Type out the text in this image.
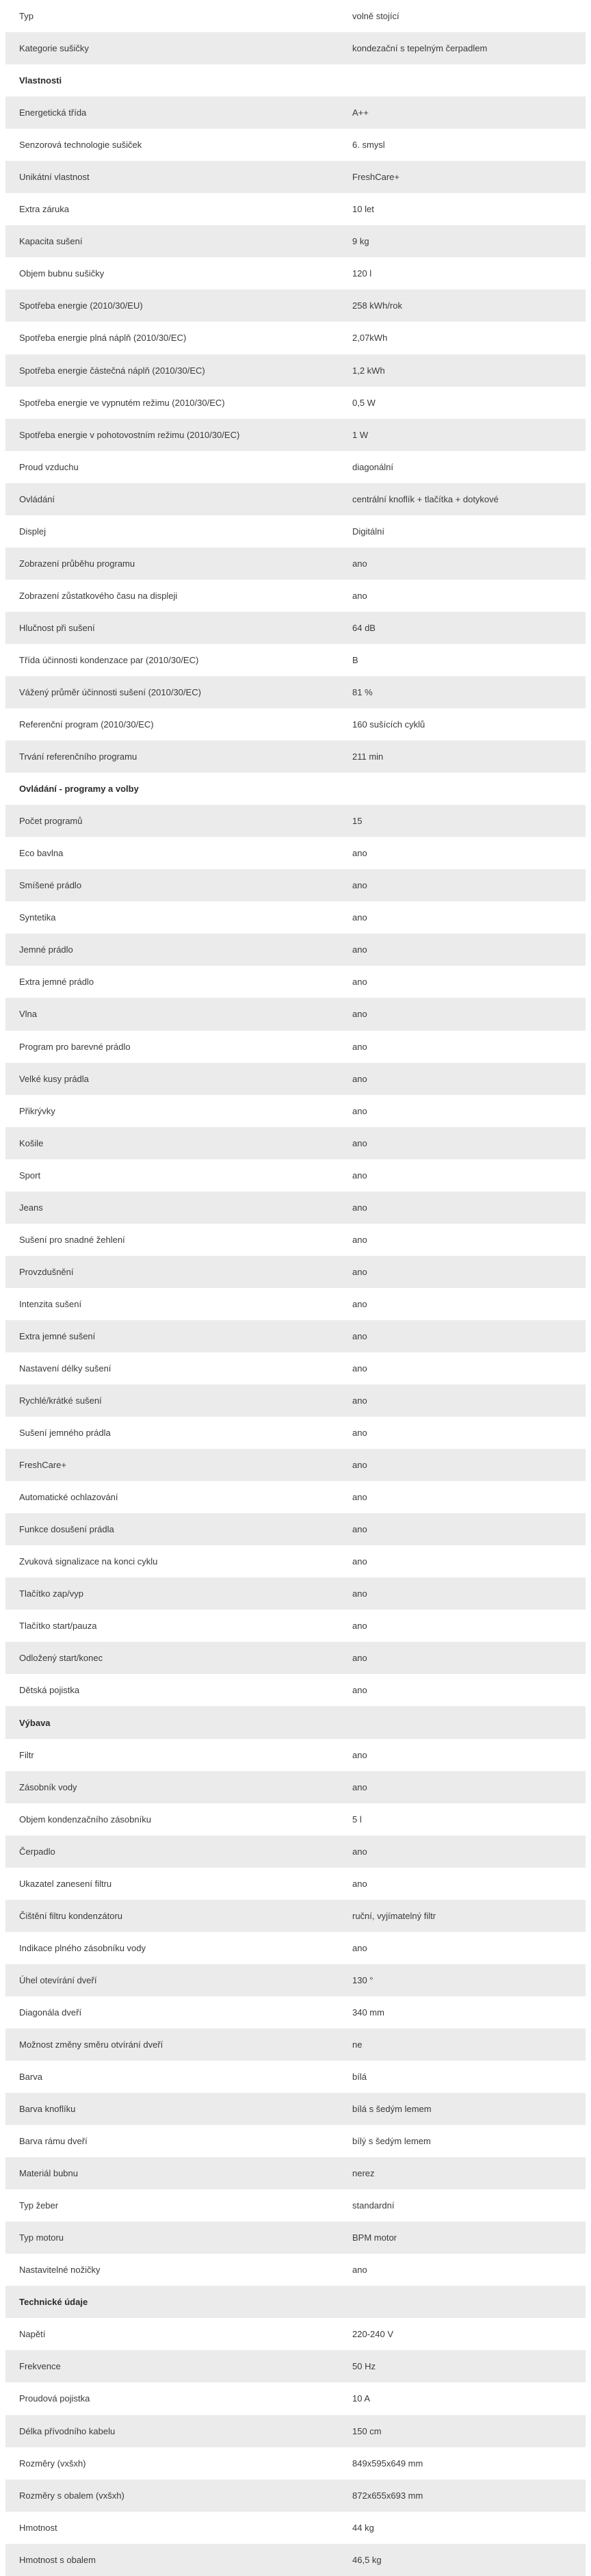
Typ	volně stojící
Kategorie sušičky	kondezační s tepelným čerpadlem
Vlastnosti
Energetická třída	A++
Senzorová technologie sušiček	6. smysl
Unikátní vlastnost	FreshCare+
Extra záruka	10 let
Kapacita sušení	9 kg
Objem bubnu sušičky	120 l
Spotřeba energie (2010/30/EU)	258 kWh/rok
Spotřeba energie plná náplň (2010/30/EC)	2,07kWh
Spotřeba energie částečná náplň (2010/30/EC)	1,2 kWh
Spotřeba energie ve vypnutém režimu (2010/30/EC)	0,5 W
Spotřeba energie v pohotovostním režimu (2010/30/EC)	1 W
Proud vzduchu	diagonální
Ovládání	centrální knoflík + tlačítka + dotykové
Displej	Digitální
Zobrazení průběhu programu	ano
Zobrazení zůstatkového času na displeji	ano
Hlučnost při sušení	64 dB
Třída účinnosti kondenzace par (2010/30/EC)	B
Vážený průměr účinnosti sušení (2010/30/EC)	81 %
Referenční program (2010/30/EC)	160 sušících cyklů
Trvání referenčního programu	211 min
Ovládání - programy a volby
Počet programů	15
Eco bavlna	ano
Smíšené prádlo	ano
Syntetika	ano
Jemné prádlo	ano
Extra jemné prádlo	ano
Vlna	ano
Program pro barevné prádlo	ano
Velké kusy prádla	ano
Přikrývky	ano
Košile	ano
Sport	ano
Jeans	ano
Sušení pro snadné žehlení	ano
Provzdušnění	ano
Intenzita sušení	ano
Extra jemné sušení	ano
Nastavení délky sušení	ano
Rychlé/krátké sušení	ano
Sušení jemného prádla	ano
FreshCare+	ano
Automatické ochlazování	ano
Funkce dosušení prádla	ano
Zvuková signalizace na konci cyklu	ano
Tlačítko zap/vyp	ano
Tlačítko start/pauza	ano
Odložený start/konec	ano
Dětská pojistka	ano
Výbava
Filtr	ano
Zásobník vody	ano
Objem kondenzačního zásobníku	5 l
Čerpadlo	ano
Ukazatel zanesení filtru	ano
Čištění filtru kondenzátoru	ruční, vyjímatelný filtr
Indikace plného zásobníku vody	ano
Úhel otevírání dveří	130 °
Diagonála dveří	340 mm
Možnost změny směru otvírání dveří	ne
Barva	bílá
Barva knoflíku	bílá s šedým lemem
Barva rámu dveří	bílý s šedým lemem
Materiál bubnu	nerez
Typ žeber	standardní
Typ motoru	BPM motor
Nastavitelné nožičky	ano
Technické údaje
Napětí	220-240 V
Frekvence	50 Hz
Proudová pojistka	10 A
Délka přívodního kabelu	150 cm
Rozměry (vxšxh)	849x595x649 mm
Rozměry s obalem (vxšxh)	872x655x693 mm
Hmotnost	44 kg
Hmotnost s obalem	46,5 kg
